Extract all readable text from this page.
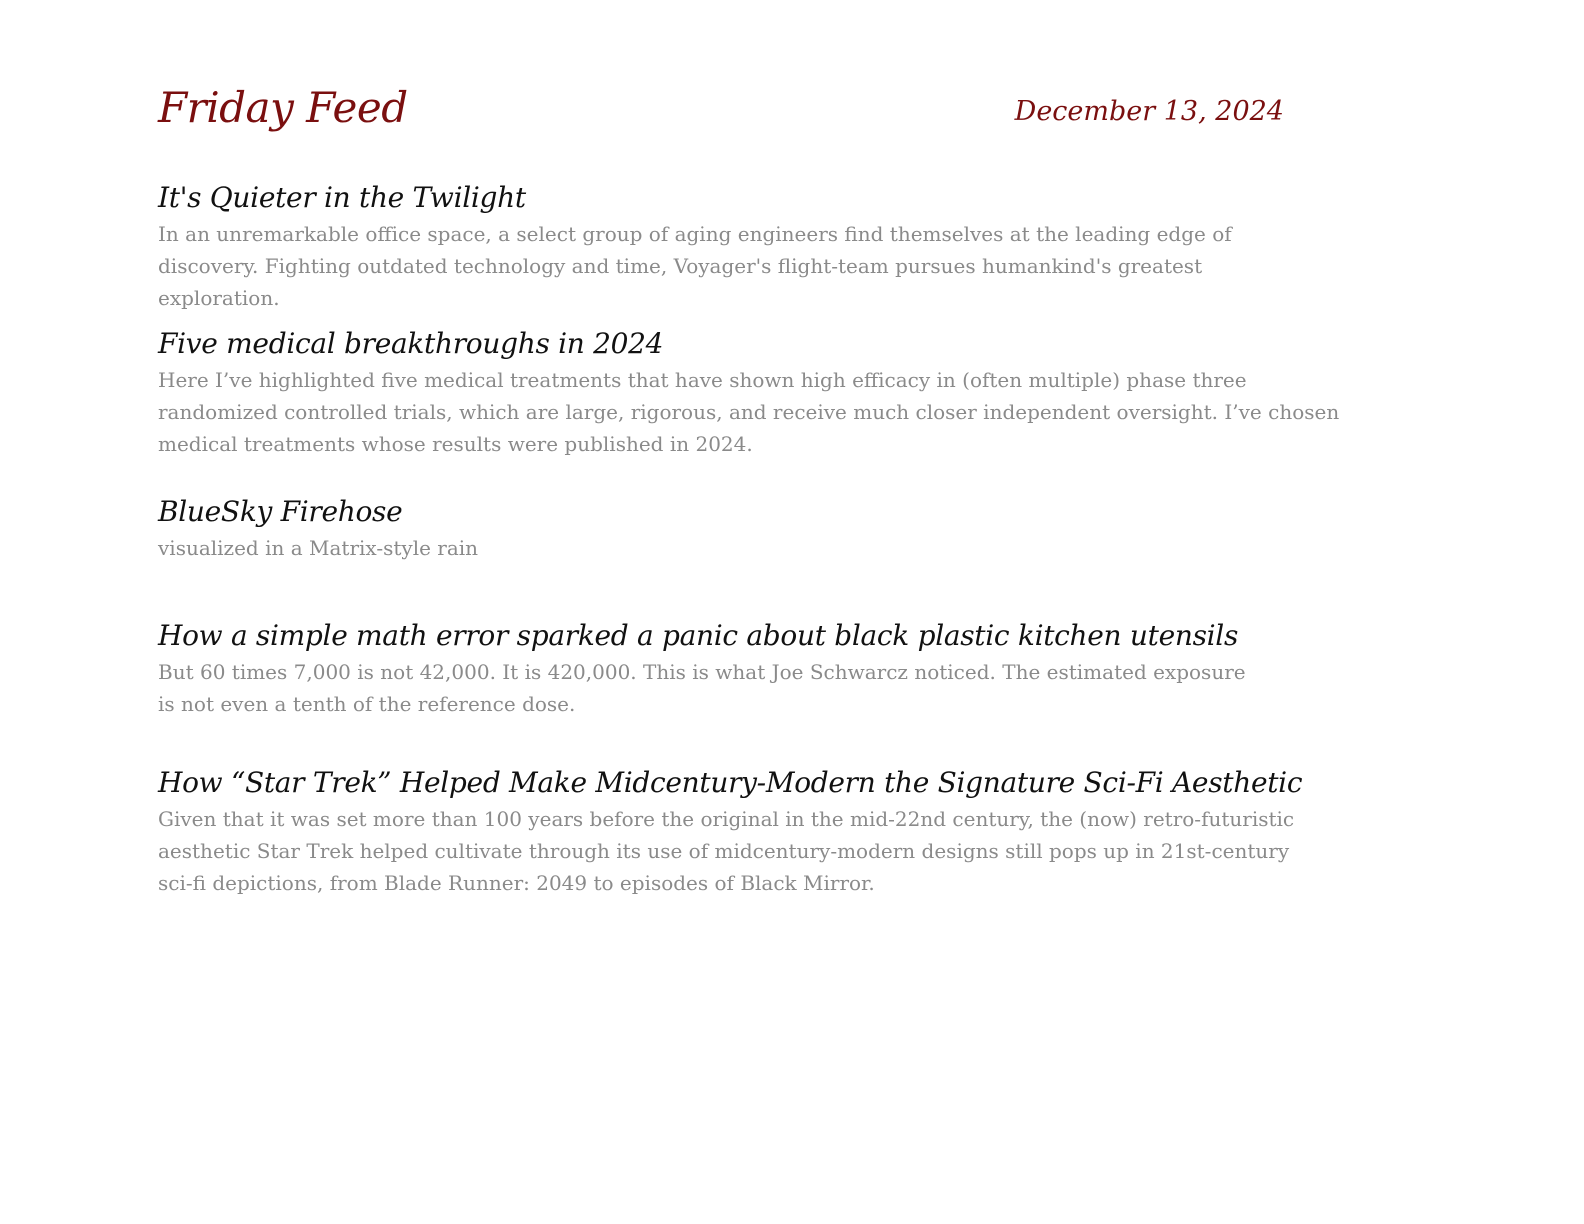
Friday Feed	December 13, 2024
It's Quieter in the Twilight

In an unremarkable office space, a select group of aging engineers find themselves at the leading edge of discovery. Fighting outdated technology and time, Voyager's flight-team pursues humankind's greatest exploration.

Five medical breakthroughs in 2024

Here I’ve highlighted five medical treatments that have shown high efficacy in (often multiple) phase three randomized controlled trials, which are large, rigorous, and receive much closer independent oversight. I’ve chosen medical treatments whose results were published in 2024.

BlueSky Firehose

visualized in a Matrix-style rain

How a simple math error sparked a panic about black plastic kitchen utensils

But 60 times 7,000 is not 42,000. It is 420,000. This is what Joe Schwarcz noticed. The estimated exposure is not even a tenth of the reference dose.

How “Star Trek” Helped Make Midcentury-Modern the Signature Sci-Fi Aesthetic

Given that it was set more than 100 years before the original in the mid-22nd century, the (now) retro-futuristic aesthetic Star Trek helped cultivate through its use of midcentury-modern designs still pops up in 21st-century sci-fi depictions, from Blade Runner: 2049 to episodes of Black Mirror.
